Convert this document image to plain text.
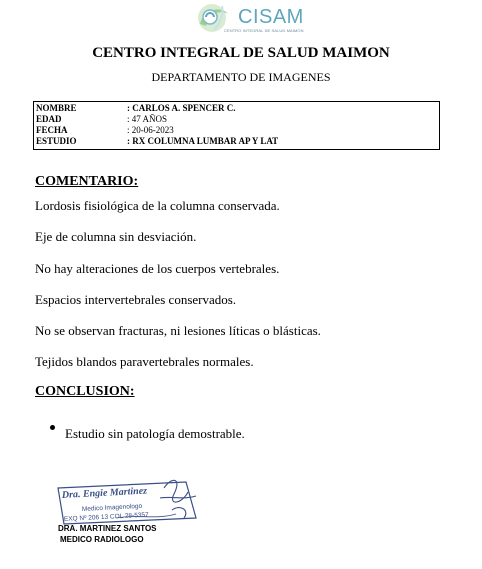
CISAM
CENTRO INTEGRAL DE SALUD MAIMON
CENTRO INTEGRAL DE SALUD MAIMON
DEPARTAMENTO DE IMAGENES
NOMBRE	: CARLOS A. SPENCER C.
EDAD	: 47 AÑOS
FECHA	: 20-06-2023
ESTUDIO	: RX COLUMNA LUMBAR AP Y LAT
COMENTARIO:
Lordosis fisiológica de la columna conservada.
Eje de columna sin desviación.
No hay alteraciones de los cuerpos vertebrales.
Espacios intervertebrales conservados.
No se observan fracturas, ni lesiones líticas o blásticas.
Tejidos blandos paravertebrales normales.
CONCLUSION:
Estudio sin patología demostrable.
Dra. Engie Martinez
Medico Imagenologo
EXQ Nº 206 13 COL 28-5357
DRA. MARTINEZ SANTOS
MEDICO RADIOLOGO
